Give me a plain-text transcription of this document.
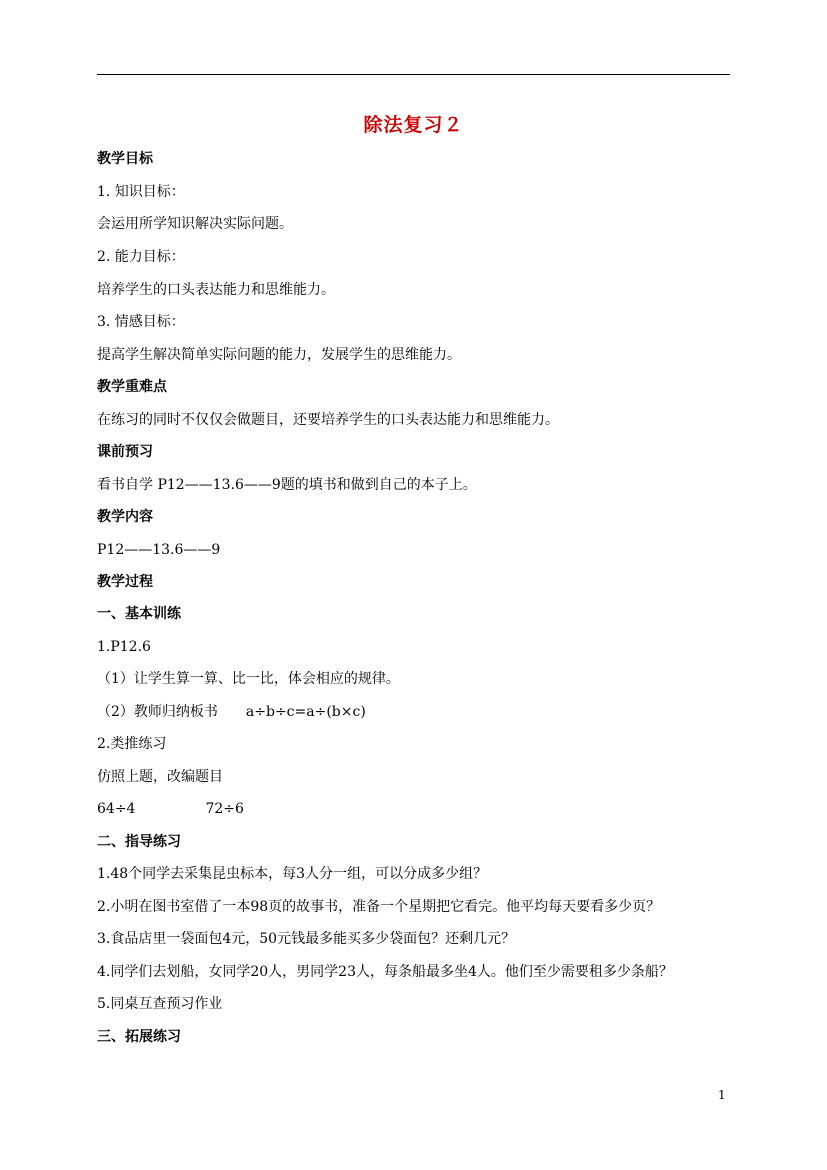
除法复习２
教学目标
1. 知识目标：
会运用所学知识解决实际问题。
2. 能力目标：
培养学生的口头表达能力和思维能力。
3. 情感目标：
提高学生解决简单实际问题的能力，发展学生的思维能力。
教学重难点
在练习的同时不仅仅会做题目，还要培养学生的口头表达能力和思维能力。
课前预习
看书自学 P12——13.6——9题的填书和做到自己的本子上。
教学内容
P12——13.6——9
教学过程
一、基本训练
1.P12.6
（1）让学生算一算、比一比，体会相应的规律。
（2）教师归纳板书　　a÷b÷c=a÷(b×c)
2.类推练习
仿照上题，改编题目
64÷4　　　　　72÷6
二、指导练习
1.48个同学去采集昆虫标本，每3人分一组，可以分成多少组？
2.小明在图书室借了一本98页的故事书，准备一个星期把它看完。他平均每天要看多少页？
3.食品店里一袋面包4元，50元钱最多能买多少袋面包？还剩几元？
4.同学们去划船，女同学20人，男同学23人，每条船最多坐4人。他们至少需要租多少条船？
5.同桌互查预习作业
三、拓展练习
1
